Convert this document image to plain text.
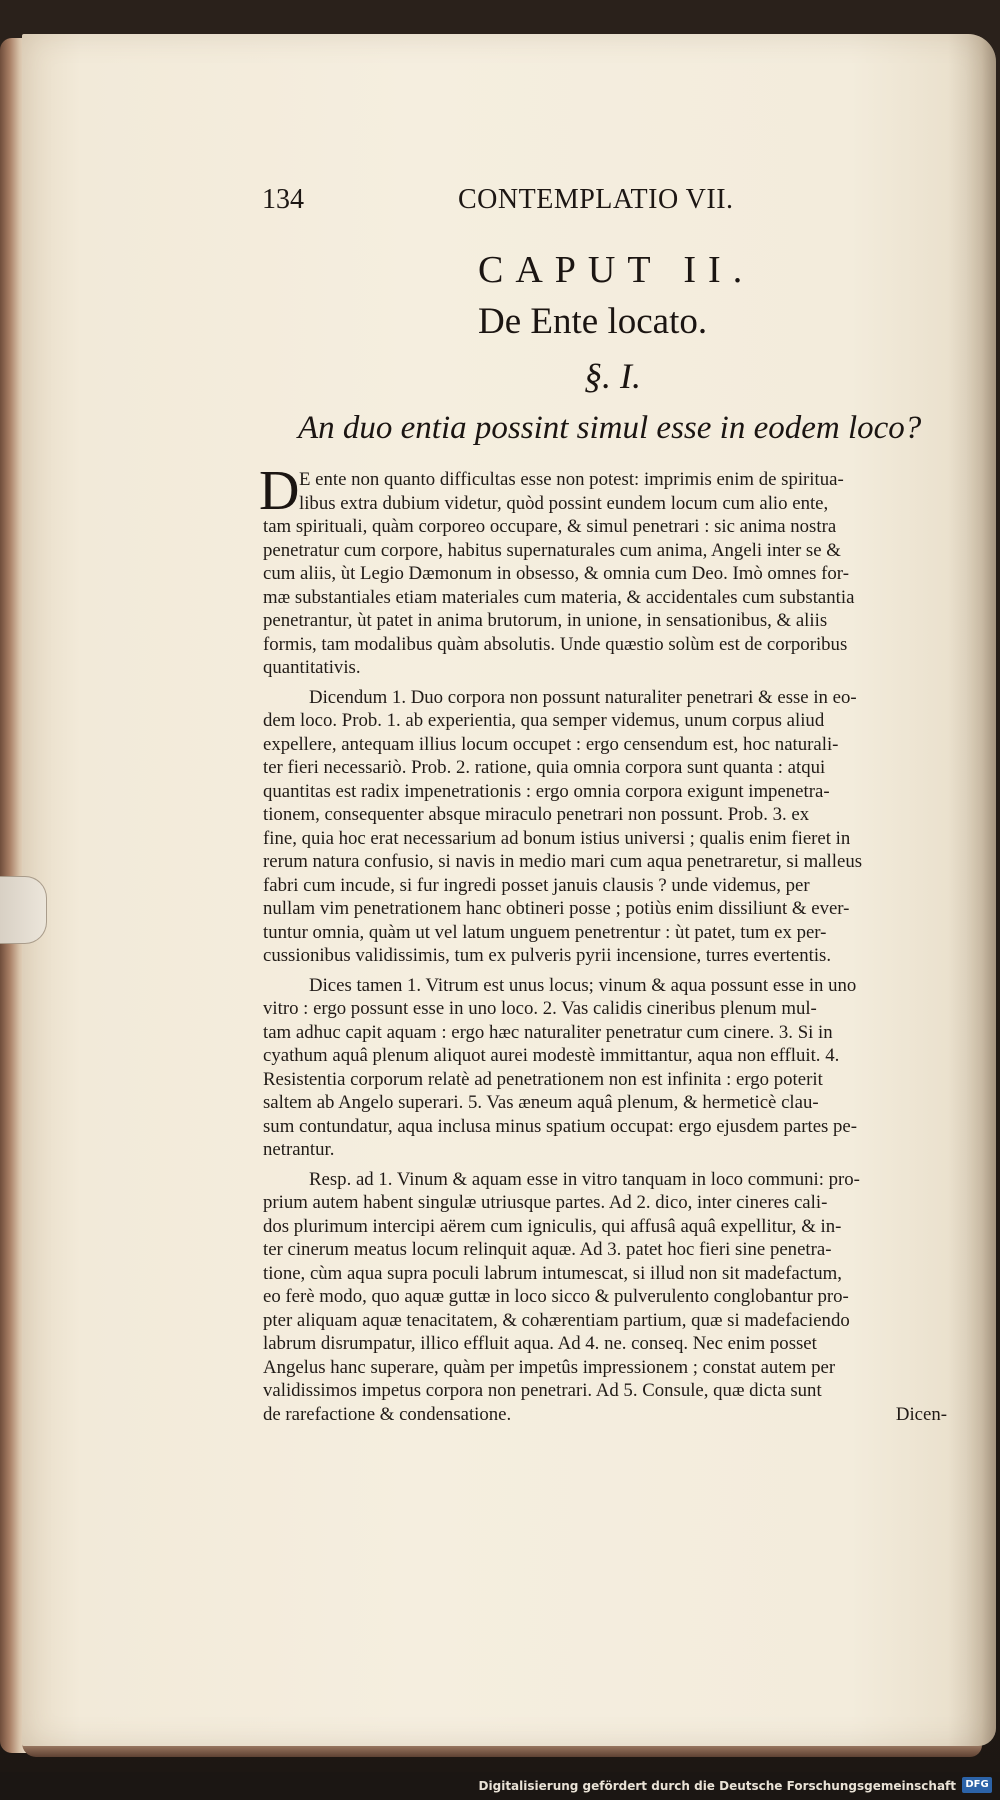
134	CONTEMPLATIO VII.
CAPUT II.
De Ente locato.
§. I.
An duo entia possint simul esse in eodem loco?
D E ente non quanto difficultas esse non potest: imprimis enim de spiritua-
libus extra dubium videtur, quòd possint eundem locum cum alio ente,
tam spirituali, quàm corporeo occupare, & simul penetrari : sic anima nostra
penetratur cum corpore, habitus supernaturales cum anima, Angeli inter se &
cum aliis, ùt Legio Dæmonum in obsesso, & omnia cum Deo. Imò omnes for-
mæ substantiales etiam materiales cum materia, & accidentales cum substantia
penetrantur, ùt patet in anima brutorum, in unione, in sensationibus, & aliis
formis, tam modalibus quàm absolutis. Unde quæstio solùm est de corporibus
quantitativis.
Dicendum 1. Duo corpora non possunt naturaliter penetrari & esse in eo-
dem loco. Prob. 1. ab experientia, qua semper videmus, unum corpus aliud
expellere, antequam illius locum occupet : ergo censendum est, hoc naturali-
ter fieri necessariò. Prob. 2. ratione, quia omnia corpora sunt quanta : atqui
quantitas est radix impenetrationis : ergo omnia corpora exigunt impenetra-
tionem, consequenter absque miraculo penetrari non possunt. Prob. 3. ex
fine, quia hoc erat necessarium ad bonum istius universi ; qualis enim fieret in
rerum natura confusio, si navis in medio mari cum aqua penetraretur, si malleus
fabri cum incude, si fur ingredi posset januis clausis ? unde videmus, per
nullam vim penetrationem hanc obtineri posse ; potiùs enim dissiliunt & ever-
tuntur omnia, quàm ut vel latum unguem penetrentur : ùt patet, tum ex per-
cussionibus validissimis, tum ex pulveris pyrii incensione, turres evertentis.
Dices tamen 1. Vitrum est unus locus; vinum & aqua possunt esse in uno
vitro : ergo possunt esse in uno loco. 2. Vas calidis cineribus plenum mul-
tam adhuc capit aquam : ergo hæc naturaliter penetratur cum cinere. 3. Si in
cyathum aquâ plenum aliquot aurei modestè immittantur, aqua non effluit. 4.
Resistentia corporum relatè ad penetrationem non est infinita : ergo poterit
saltem ab Angelo superari. 5. Vas æneum aquâ plenum, & hermeticè clau-
sum contundatur, aqua inclusa minus spatium occupat: ergo ejusdem partes pe-
netrantur.
Resp. ad 1. Vinum & aquam esse in vitro tanquam in loco communi: pro-
prium autem habent singulæ utriusque partes. Ad 2. dico, inter cineres cali-
dos plurimum intercipi aërem cum igniculis, qui affusâ aquâ expellitur, & in-
ter cinerum meatus locum relinquit aquæ. Ad 3. patet hoc fieri sine penetra-
tione, cùm aqua supra poculi labrum intumescat, si illud non sit madefactum,
eo ferè modo, quo aquæ guttæ in loco sicco & pulverulento conglobantur pro-
pter aliquam aquæ tenacitatem, & cohærentiam partium, quæ si madefaciendo
labrum disrumpatur, illico effluit aqua. Ad 4. ne. conseq. Nec enim posset
Angelus hanc superare, quàm per impetûs impressionem ; constat autem per
validissimos impetus corpora non penetrari. Ad 5. Consule, quæ dicta sunt
de rarefactione & condensatione.	Dicen-
Digitalisierung gefördert durch die Deutsche Forschungsgemeinschaft DFG
